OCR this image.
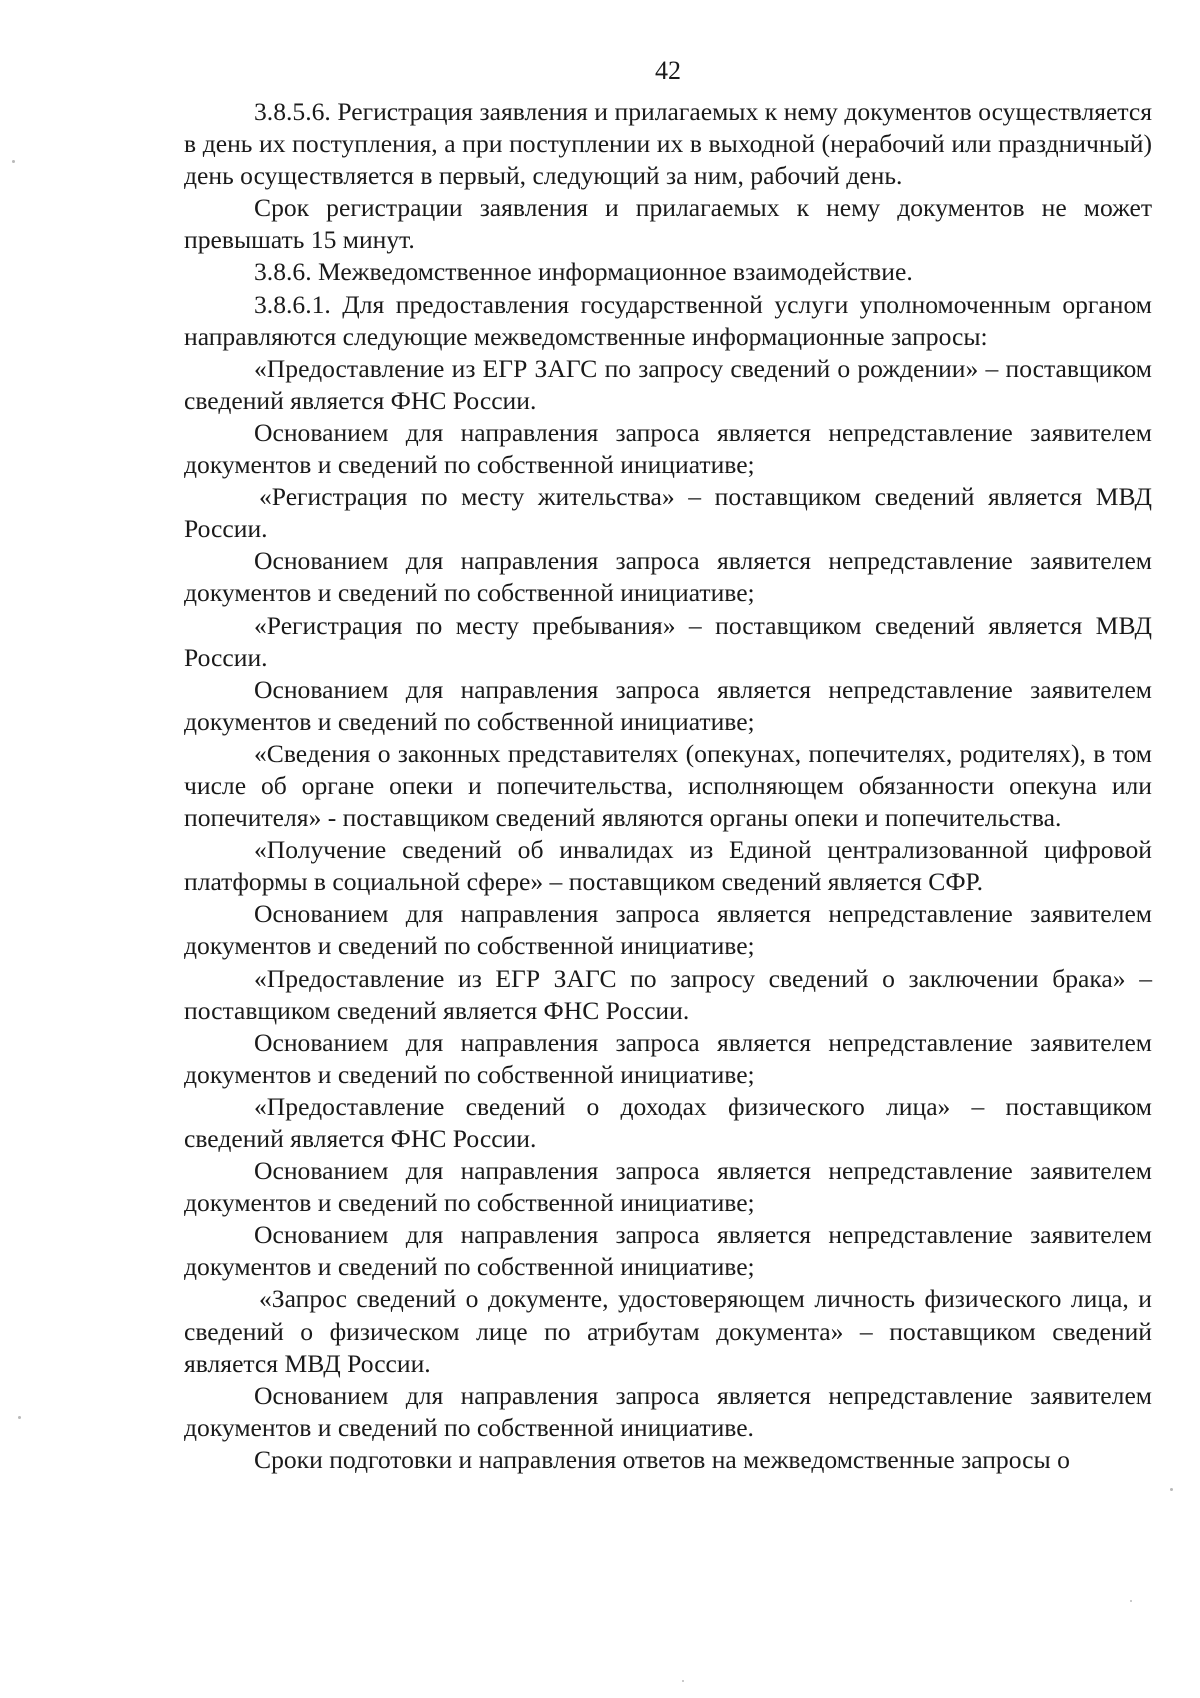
42

3.8.5.6. Регистрация заявления и прилагаемых к нему документов осуществляется в день их поступления, а при поступлении их в выходной (нерабочий или праздничный) день осуществляется в первый, следующий за ним, рабочий день.

Срок регистрации заявления и прилагаемых к нему документов не может превышать 15 минут.

3.8.6. Межведомственное информационное взаимодействие.

3.8.6.1. Для предоставления государственной услуги уполномоченным органом направляются следующие межведомственные информационные запросы:

«Предоставление из ЕГР ЗАГС по запросу сведений о рождении» – поставщиком сведений является ФНС России.

Основанием для направления запроса является непредставление заявителем документов и сведений по собственной инициативе;

«Регистрация по месту жительства» – поставщиком сведений является МВД России.

Основанием для направления запроса является непредставление заявителем документов и сведений по собственной инициативе;

«Регистрация по месту пребывания» – поставщиком сведений является МВД России.

Основанием для направления запроса является непредставление заявителем документов и сведений по собственной инициативе;

«Сведения о законных представителях (опекунах, попечителях, родителях), в том числе об органе опеки и попечительства, исполняющем обязанности опекуна или попечителя» - поставщиком сведений являются органы опеки и попечительства.

«Получение сведений об инвалидах из Единой централизованной цифровой платформы в социальной сфере» – поставщиком сведений является СФР.

Основанием для направления запроса является непредставление заявителем документов и сведений по собственной инициативе;

«Предоставление из ЕГР ЗАГС по запросу сведений о заключении брака» – поставщиком сведений является ФНС России.

Основанием для направления запроса является непредставление заявителем документов и сведений по собственной инициативе;

«Предоставление сведений о доходах физического лица» – поставщиком сведений является ФНС России.

Основанием для направления запроса является непредставление заявителем документов и сведений по собственной инициативе;

Основанием для направления запроса является непредставление заявителем документов и сведений по собственной инициативе;

«Запрос сведений о документе, удостоверяющем личность физического лица, и сведений о физическом лице по атрибутам документа» – поставщиком сведений является МВД России.

Основанием для направления запроса является непредставление заявителем документов и сведений по собственной инициативе.

Сроки подготовки и направления ответов на межведомственные запросы о
